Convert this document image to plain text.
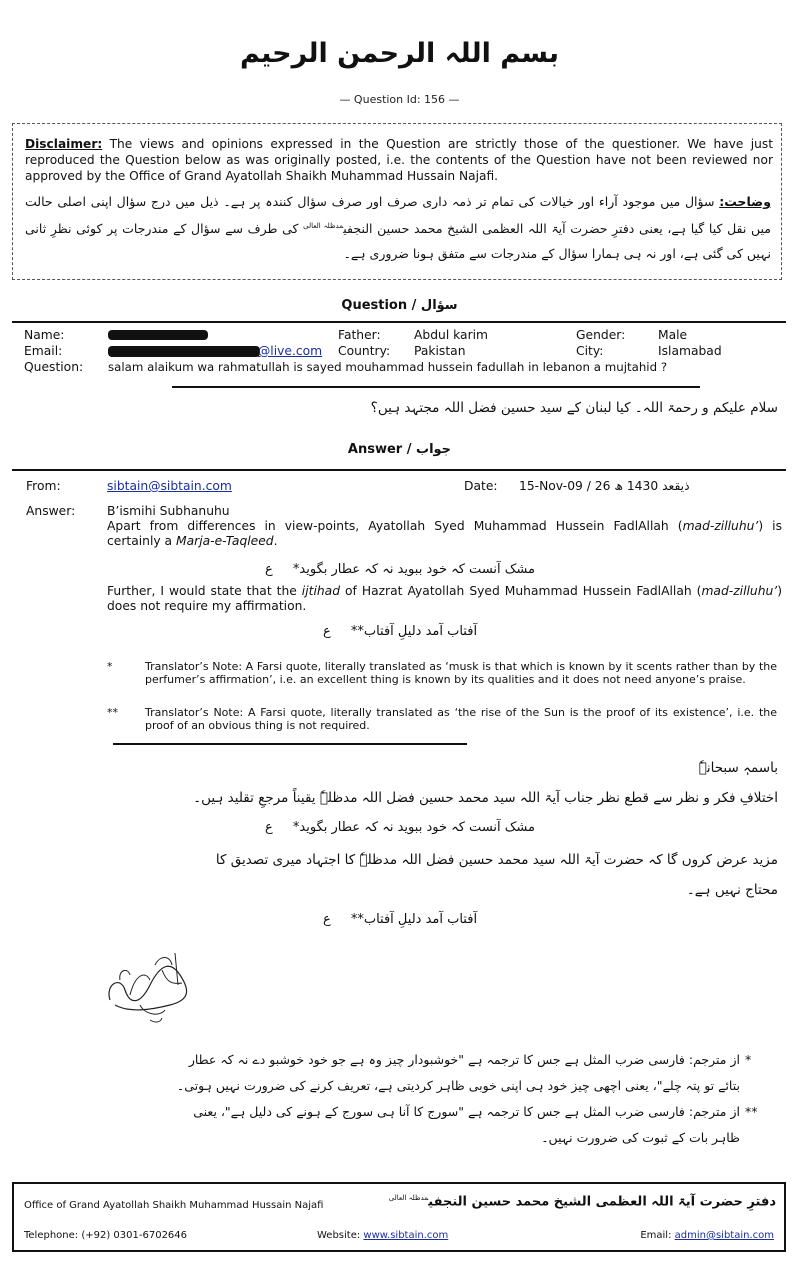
بسم اللہ الرحمن الرحیم
— Question Id: 156 —
Disclaimer: The views and opinions expressed in the Question are strictly those of the questioner. We have just reproduced the Question below as was originally posted, i.e. the contents of the Question have not been reviewed nor approved by the Office of Grand Ayatollah Shaikh Muhammad Hussain Najafi.
وضاحت: سؤال میں موجود آراء اور خیالات کی تمام تر ذمہ داری صرف اور صرف سؤال کنندہ پر ہے۔ ذیل میں درج سؤال اپنی اصلی حالت میں نقل کیا گیا ہے، یعنی دفترِ حضرت آیۃ اللہ العظمی الشیخ محمد حسین النجفی$^{مدظلہ العالی}$ کی طرف سے سؤال کے مندرجات پر کوئی نظرِ ثانی نہیں کی گئی ہے، اور نہ ہی ہمارا سؤال کے مندرجات سے متفق ہونا ضروری ہے۔
Question / سؤال
Name:	Father:	Abdul karim	Gender:	Male
Email:	@live.com Country: Pakistan	City:	Islamabad
Question: salam alaikum wa rahmatullah is sayed mouhammad hussein fadullah in lebanon a mujtahid ?
سلام علیکم و رحمۃ اللہ۔ کیا لبنان کے سید حسین فضل اللہ مجتہد ہیں؟
Answer / جواب
From:	sibtain@sibtain.com	Date: 15-Nov-09 / 26 ذیقعد 1430 ھ
Answer:	B’ismihi Subhanuhu
Apart from differences in view-points, Ayatollah Syed Muhammad Hussein FadlAllah (mad-zilluhu’) is certainly a Marja-e-Taqleed.
مشک آنست کہ خود ببوید نہ کہ عطار بگوید* ع
Further, I would state that the ijtihad of Hazrat Ayatollah Syed Muhammad Hussein FadlAllah (mad-zilluhu’) does not require my affirmation.
آفتاب آمد دلیلِ آفتاب** ع
*	Translator’s Note: A Farsi quote, literally translated as ‘musk is that which is known by it scents rather than by the perfumer’s affirmation’, i.e. an excellent thing is known by its qualities and it does not need anyone’s praise.
**	Translator’s Note: A Farsi quote, literally translated as ‘the rise of the Sun is the proof of its existence’, i.e. the proof of an obvious thing is not required.
باسمہٖ سبحانہٗ
اختلافِ فکر و نظر سے قطع نظر جناب آیۃ اللہ سید محمد حسین فضل اللہ مدظلہٗ یقیناً مرجعِ تقلید ہیں۔
مشک آنست کہ خود ببوید نہ کہ عطار بگوید* ع
مزید عرض کروں گا کہ حضرت آیۃ اللہ سید محمد حسین فضل اللہ مدظلہٗ کا اجتہاد میری تصدیق کا
محتاج نہیں ہے۔
آفتاب آمد دلیلِ آفتاب** ع
از مترجم: فارسی ضرب المثل ہے جس کا ترجمہ ہے "خوشبودار چیز وہ ہے جو خود خوشبو دے نہ کہ عطار *
بتائے تو پتہ چلے"، یعنی اچھی چیز خود ہی اپنی خوبی ظاہر کردیتی ہے، تعریف کرنے کی ضرورت نہیں ہوتی۔
از مترجم: فارسی ضرب المثل ہے جس کا ترجمہ ہے "سورج کا آنا ہی سورج کے ہونے کی دلیل ہے"، یعنی **
ظاہر بات کے ثبوت کی ضرورت نہیں۔
Office of Grand Ayatollah Shaikh Muhammad Hussain Najafi	دفترِ حضرت آیۃ اللہ العظمی الشیخ محمد حسین النجفی$^{مدظلہ العالی}$
Telephone: (+92) 0301-6702646	Website: www.sibtain.com	Email: admin@sibtain.com
